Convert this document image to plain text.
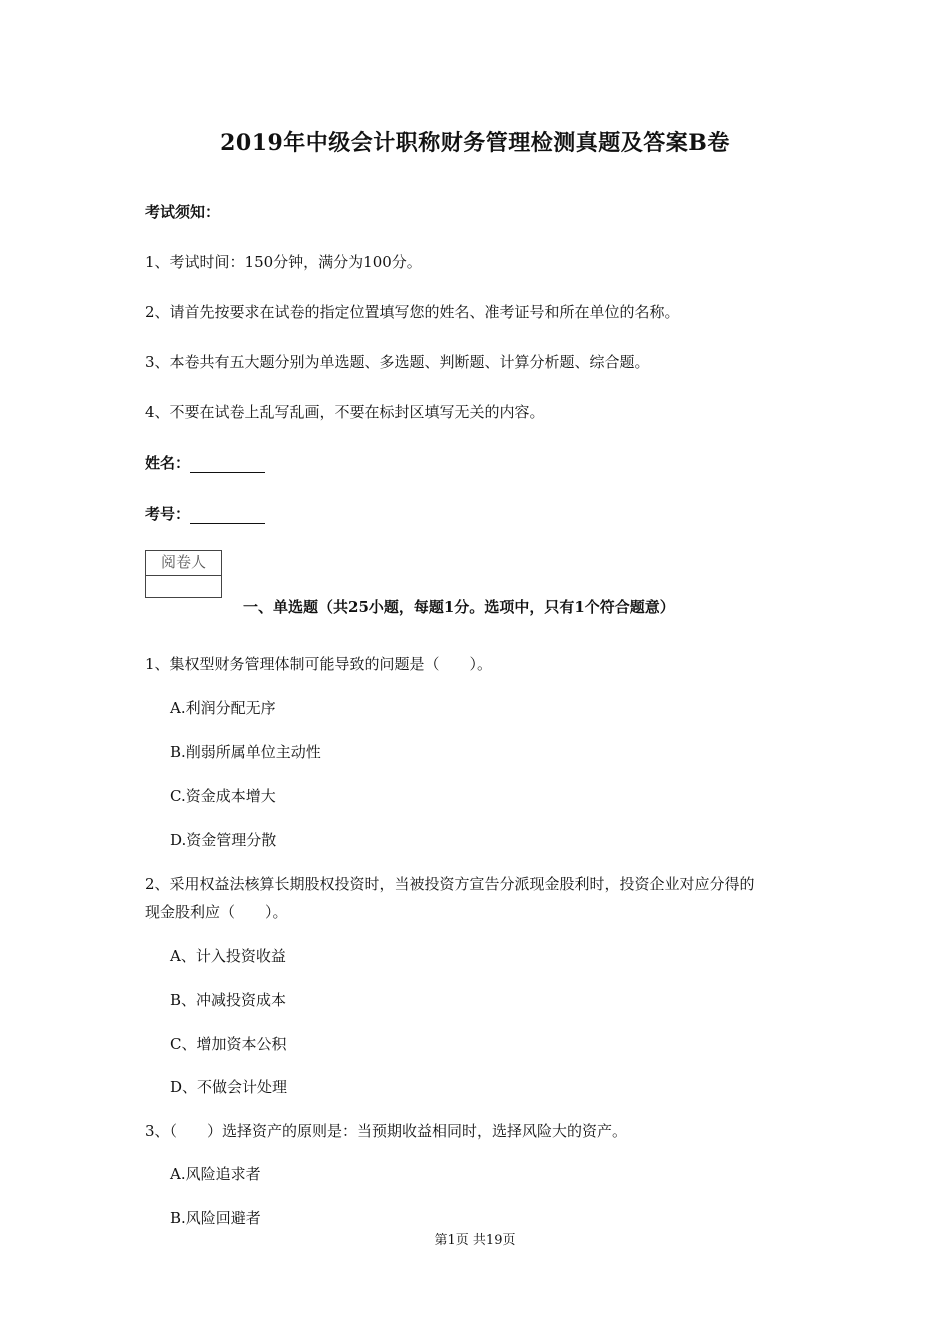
2019年中级会计职称财务管理检测真题及答案B卷
考试须知：
1、考试时间：150分钟，满分为100分。
2、请首先按要求在试卷的指定位置填写您的姓名、准考证号和所在单位的名称。
3、本卷共有五大题分别为单选题、多选题、判断题、计算分析题、综合题。
4、不要在试卷上乱写乱画，不要在标封区填写无关的内容。
姓名：
考号：
阅卷人
一、单选题（共25小题，每题1分。选项中，只有1个符合题意）
1、集权型财务管理体制可能导致的问题是（　　）。
A.利润分配无序
B.削弱所属单位主动性
C.资金成本增大
D.资金管理分散
2、采用权益法核算长期股权投资时，当被投资方宣告分派现金股利时，投资企业对应分得的
现金股利应（　　）。
A、计入投资收益
B、冲减投资成本
C、增加资本公积
D、不做会计处理
3、（　　）选择资产的原则是：当预期收益相同时，选择风险大的资产。
A.风险追求者
B.风险回避者
第1页 共19页
